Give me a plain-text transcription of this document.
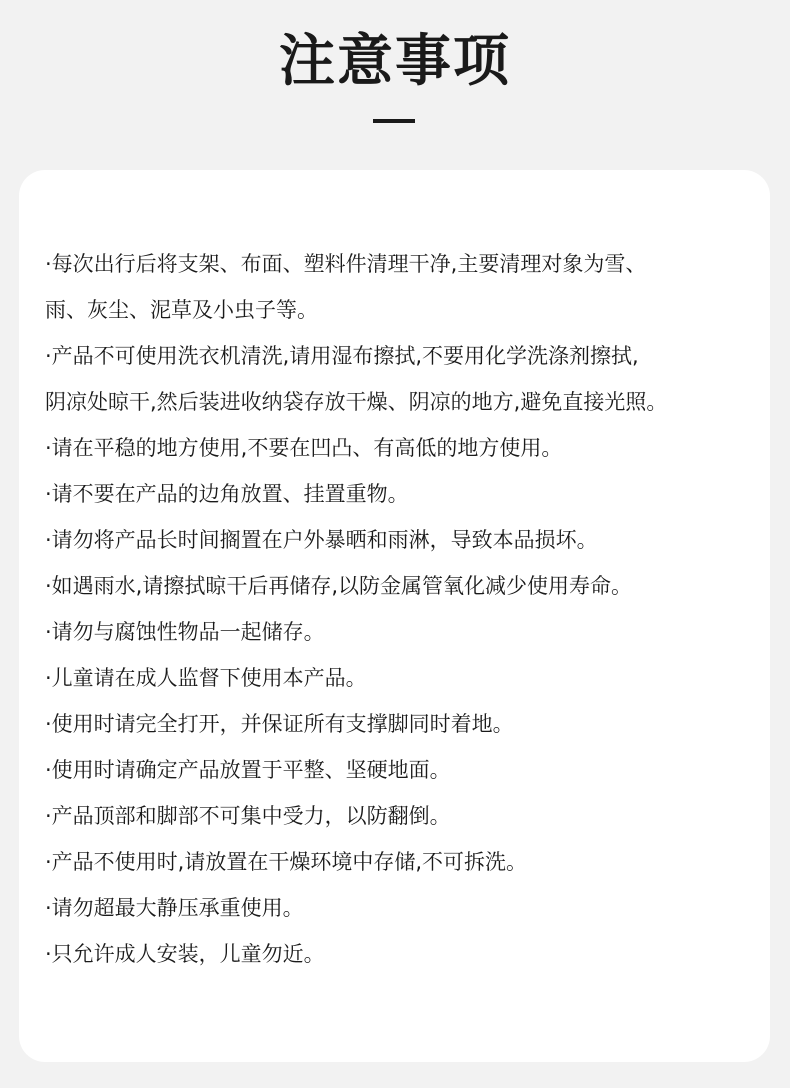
注意事项
·每次出行后将支架、布面、塑料件清理干净,主要清理对象为雪、
雨、灰尘、泥草及小虫子等。
·产品不可使用洗衣机清洗,请用湿布擦拭,不要用化学洗涤剂擦拭,
阴凉处晾干,然后装进收纳袋存放干燥、阴凉的地方,避免直接光照。
·请在平稳的地方使用,不要在凹凸、有高低的地方使用。
·请不要在产品的边角放置、挂置重物。
·请勿将产品长时间搁置在户外暴晒和雨淋，导致本品损坏。
·如遇雨水,请擦拭晾干后再储存,以防金属管氧化减少使用寿命。
·请勿与腐蚀性物品一起储存。
·儿童请在成人监督下使用本产品。
·使用时请完全打开，并保证所有支撑脚同时着地。
·使用时请确定产品放置于平整、坚硬地面。
·产品顶部和脚部不可集中受力，以防翻倒。
·产品不使用时,请放置在干燥环境中存储,不可拆洗。
·请勿超最大静压承重使用。
·只允许成人安装，儿童勿近。
